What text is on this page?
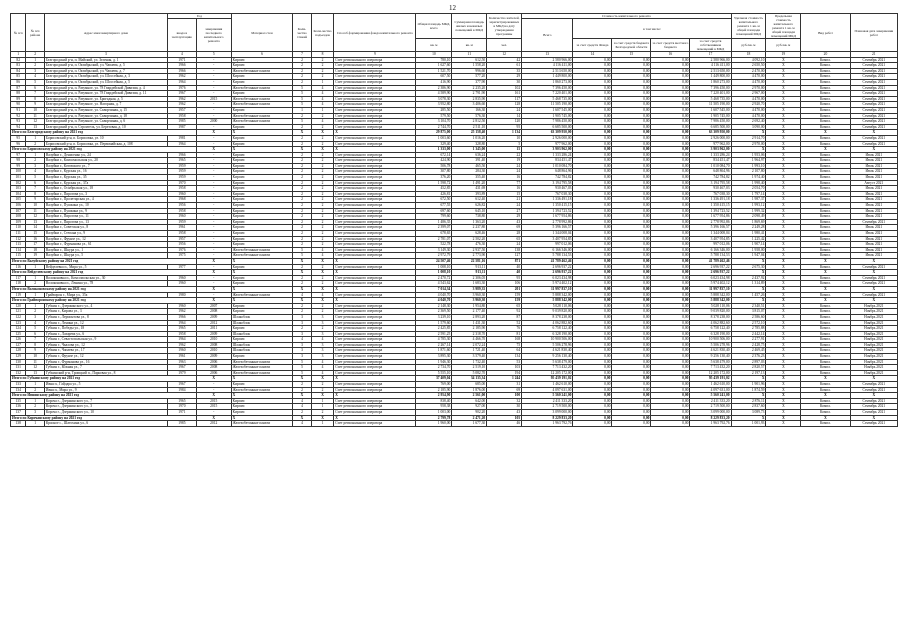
12
№ п/п	№ п/п района	Адрес многоквартирного дома	Год		Материал стен	Коли-чество этажей	Коли-чество подъездов	Способ формирования фонда капитального ремонта	Общая площадь МКД, всего	Суммарная площадь жилых и нежилых помещений в МКД	Количество жителей, зарегистрированных в МКД на дату утверждения программы	Стоимость капитального ремонта					Удельная стоимость капитального ремонта 1 кв. м общей площади помещений МКД	Предельная стоимость капитального ремонта 1 кв. м общей площади помещений МКД	Вид работ	Плановая дата завершения работ
			ввода в эксплуатацию	завершения последнего капитального ремонта								Всего	в том числе:							
									кв. м	кв. м	чел.		за счет средств Фонда	за счет средств бюджета Белгородской области	за счет средств местного бюджета	за счет средств собственников помещений в МКД	руб./кв. м	руб./кв. м		
1	2	3	4	5	6	7	8	9	10	11	12	13	14	15	16	17	18	19	20	21
82	1	Белгородский р-н, п. Майский, ул. Зеленая, д. 1	1971	-	Кирпич	2	2	Счет регионального оператора	780,10	612,50	42	2 580 966,00	0,00	0,00	0,00	2 580 966,00	4 092,10	X	Компл.	Сентябрь 2021
83	2	Белгородский р-н, п. Октябрьский, ул. Чапаева, д. 5	1966	-	Кирпич	2	2	Счет регионального оператора	1 627,60	1 558,20	61	4 116 411,00	0,00	0,00	0,00	4 116 411,00	2 650,50	X	Компл.	Сентябрь 2021
84	3	Белгородский р-н, п. Октябрьский, ул. Чапаева, д. 7	1966	-	Железобетонные панели	2	2	Счет регионального оператора	1 521,70	996,60	35	2 513 650,00	0,00	0,00	0,00	2 513 650,00	2 470,00	X	Компл.	Сентябрь 2021
85	4	Белгородский р-н, п. Октябрьский, ул. Шоссейная, д. 3	1962	-	Кирпич	2	2	Счет регионального оператора	607,50	577,20	29	1 449 800,00	0,00	0,00	0,00	1 449 800,00	4 470,00	X	Компл.	Сентябрь 2021
86	5	Белгородский р-н, п. Октябрьский, ул. Шоссейная, д. 5	1964	-	Кирпич	2	1	Счет регионального оператора	416,90	377,90	30	1 860 273,00	0,00	0,00	0,00	1 860 273,00	4 470,00	X	Компл.	Сентябрь 2021
87	6	Белгородский р-н, п. Разумное, ул. 78 Гвардейской Дивизии, д. 4	1976	-	Железобетонные панели	5	4	Счет регионального оператора	2 386,90	2 235,20	102	7 396 450,00	0,00	0,00	0,00	7 396 450,00	2 970,00	X	Компл.	Сентябрь 2021
88	7	Белгородский р-н, п. Разумное, ул. 78 Гвардейской Дивизии, д. 11	1967	-	Кирпич	5	4	Счет регионального оператора	4 589,90	2 791,90	161	7 220 401,00	0,00	0,00	0,00	7 220 401,00	2 967,00	X	Компл.	Сентябрь 2021
89	8	Белгородский р-н, п. Разумное, ул. Бригадная, д. 5	1962	2015	Железобетонные панели	5	4	Счет регионального оператора	3 078,30	2 835,90	117	5 468 735,00	0,00	0,00	0,00	5 468 735,00	4 470,00	X	Компл.	Сентябрь 2021
90	9	Белгородский р-н, п. Разумное, ул. Нагорная, д. 7	1962	-	Железобетонные панели	5	4	Счет регионального оператора	3 952,80	3 406,60	128	11 505 190,00	0,00	0,00	0,00	11 505 190,00	2 920,70	X	Компл.	Сентябрь 2021
91	10	Белгородский р-н, п. Разумное, ул. Скворчиная, д. 15	1957	-	Кирпич	1	1	Счет регионального оператора	285,50	166,30	24	1 607 545,00	0,00	0,00	0,00	1 607 545,00	4 470,00	X	Компл.	Сентябрь 2021
92	11	Белгородский р-н, п. Разумное, ул. Скворчиная, д. 18	1958	-	Железобетонные панели	2	2	Счет регионального оператора	579,50	576,30	14	1 905 745,00	0,00	0,00	0,00	1 905 745,00	4 470,00	X	Компл.	Сентябрь 2021
93	12	Белгородский р-н, п. Разумное, ул. Скворчиная, д. 6	1985	2000	Железобетонные панели	5	4	Счет регионального оператора	3 104,70	2 812,50	120	7 986 450,00	0,00	0,00	0,00	7 986 450,00	2 692,40	X	Компл.	Сентябрь 2021
94	13	Белгородский р-н, п. Строитель, ул. Березовая, д. 10	1987	-	Кирпич	2	2	Счет регионального оператора	2 744,70	2 511,10	95	6 685 500,00	0,00	0,00	0,00	6 685 500,00	3 090,00	X	Компл.	Сентябрь 2021
Итого по Белгородскому району на 2021 год				X	X	X	X	X	29 875,00	25 158,40	1 134	63 309 950,00	0,00	0,00	0,00	63 309 950,00	X	X	X	X
95	1	Борисовский р-н, п. Борисовка, ул. 10	1981	-	Кирпич	2	2	Счет регионального оператора	1 003,60	1 016,20	10	2 926 000,00	0,00	0,00	0,00	2 926 000,00	2 914,70	X	Компл.	Сентябрь 2021
96	2	Борисовский р-н, п. Борисовка, ул. Первомайская, д. 108	1964	-	Кирпич	2	2	Счет регионального оператора	329,40	328,80	5	977 962,00	0,00	0,00	0,00	977 962,00	2 970,00	X	Компл.	Сентябрь 2021
Итого по Борисовскому району на 2021 год				X	X	X	X	X	1 333,00	1 345,00	15	3 903 962,00	0,00	0,00	0,00	3 903 962,00	X	X	X	X
97	1	Валуйки г., Денисенко ул., 24	1966	-	Кирпич	2	2	Счет регионального оператора	672,14	636,24	22	1 333 286,24	0,00	0,00	0,00	1 333 286,24	1 953,06	X	Компл.	Июль 2021
98	2	Валуйки г., Комсомольская ул., 20	1965	-	Кирпич	2	2	Счет регионального оператора	424,90	391,40	19	834 451,47	0,00	0,00	0,00	834 451,47	1 964,97	X	Компл.	Июль 2021
99	3	Валуйки г., Котовского ул., 7	1959	-	Кирпич	2	2	Счет регионального оператора	506,78	465,50	24	1 010 084,70	0,00	0,00	0,00	1 010 084,70	1 993,10	X	Компл.	Июль 2021
100	4	Валуйки г., Курская ул., 16	1959	-	Кирпич	2	2	Счет регионального оператора	307,80	284,30	24	648 864,96	0,00	0,00	0,00	648 864,96	2 107,80	X	Компл.	Июль 2021
101	5	Валуйки г., Курская ул., 35	1959	-	Кирпич	2	2	Счет регионального оператора	376,20	355,40	16	742 784,82	0,00	0,00	0,00	742 784,82	1 974,40	X	Компл.	Июль 2021
102	6	Валуйки г., Курская ул., 37а	1970	-	Кирпич	2	2	Счет регионального оператора	1 598,72	1 491,20	77	3 194 795,58	0,00	0,00	0,00	3 194 795,58	1 998,40	X	Компл.	Август 2021
103	7	Валуйки г., Octябрьская ул., 18	1958	-	Кирпич	2	2	Счет регионального оператора	452,85	431,69	16	930 467,03	0,00	0,00	0,00	930 467,03	2 054,70	X	Компл.	Июль 2021
104	8	Валуйки г., Пирогова ул., 3	1960	-	Кирпич	2	2	Счет регионального оператора	426,81	393,89	15	767 038,30	0,00	0,00	0,00	767 038,30	1 797,14	X	Компл.	Июль 2021
105	9	Валуйки г., Пролетарская ул., 4	1968	-	Кирпич	2	2	Счет регионального оператора	672,50	612,40	21	1 336 491,18	0,00	0,00	0,00	1 336 491,18	1 987,37	X	Компл.	Июль 2021
106	10	Валуйки г., Пушкина ул., 10	1956	-	Кирпич	2	2	Счет регионального оператора	677,55	626,82	24	1 350 415,15	0,00	0,00	0,00	1 350 415,15	1 993,12	X	Компл.	Июль 2021
107	11	Валуйки г., Пушкина ул., 9	1958	-	Кирпич	2	2	Счет регионального оператора	697,60	645,10	27	1 394 723,52	0,00	0,00	0,00	1 394 723,52	1 999,32	X	Компл.	Июль 2021
108	12	Валуйки г., Пирогова ул., 11	1960	-	Кирпич	2	2	Счет регионального оператора	799,60	738,80	29	1 677 954,86	0,00	0,00	0,00	1 677 954,86	2 098,49	X	Компл.	Июль 2021
109	13	Валуйки г., Пирогова ул., 13	1959	-	Кирпич	2	2	Счет регионального оператора	1 486,35	1 363,20	43	2 778 992,86	0,00	0,00	0,00	2 778 992,86	1 869,69	X	Компл.	Сентябрь 2021
110	14	Валуйки г., Советская ул., 8	1961	-	Кирпич	2	2	Счет регионального оператора	2 399,07	2 237,80	69	5 396 166,57	0,00	0,00	0,00	5 396 166,57	2 249,28	X	Компл.	Июль 2021
111	15	Валуйки г., Степана ул., 9	1958	-	Кирпич	2	2	Счет регионального оператора	678,65	628,46	28	1 344 008,04	0,00	0,00	0,00	1 344 008,04	1 980,41	X	Компл.	Июль 2021
112	16	Валуйки г., Фрунзе ул., 12	1957	-	Кирпич	2	2	Счет регионального оператора	2 781,07	2 502,20	65	3 407 954,85	0,00	0,00	0,00	3 407 954,85	1 225,42	X	Компл.	Июль 2021
113	17	Валуйки г., Фурманова ул., 61	1956	-	Кирпич	2	2	Счет регионального оператора	522,78	476,30	24	997 012,06	0,00	0,00	0,00	997 012,06	1 907,14	X	Компл.	Июль 2021
114	18	Валуйки г., Шкура ул., 1	1976	-	Железобетонные панели	5	4	Счет регионального оператора	3 149,30	2 937,50	138	6 166 346,00	0,00	0,00	0,00	6 166 346,00	1 958,00	X	Компл.	Июль 2021
115	19	Валуйки г., Шкура ул., 5	1975	-	Железобетонные панели	5	4	Счет регионального оператора	2 972,79	2 773,90	127	5 788 134,53	0,00	0,00	0,00	5 788 134,53	1 947,04	X	Компл.	Июль 2021
Итого по Валуйскому району на 2021 год				X	X	X	X	X	24 507,46	22 581,16	871	41 789 462,46	0,00	0,00	0,00	41 789 462,46	X	X	X	X
116	1	Вейделевка п., Мира ул., 5	1977	-	Кирпич	2	2	Счет регионального оператора	1 008,10	913,11	40	2 696 937,22	0,00	0,00	0,00	2 696 937,22	2 675,30	X	Компл.	Сентябрь 2021
Итого по Вейделевскому району на 2021 год				X	X	X	X	X	1 008,10	913,11	40	2 696 937,22	0,00	0,00	0,00	2 696 937,22	X	X	X	X
117	1	Волоконовка п., Комсомольская ул., 30	1960	-	Кирпич	2	2	Счет регионального оператора	2 470,72	2 306,05	95	6 023 434,98	0,00	0,00	0,00	6 023 434,98	2 437,92	X	Компл.	Сентябрь 2021
118	2	Волоконовка п., Ленина ул., 78	1960	-	Кирпич	2	2	Счет регионального оператора	4 543,62	1 683,30	106	5 974 402,12	0,00	0,00	0,00	5 974 402,12	1 314,89	X	Компл.	Сентябрь 2021
Итого по Волоконовскому району на 2021 год				X	X	X	X	X	7 014,34	3 989,35	201	11 997 837,10	0,00	0,00	0,00	11 997 837,10	X	X	X	X
119	1	Грайворон г., Мира ул., 35а	1980	-	Железобетонные панели	4	4	Счет регионального оператора	4 040,70	3 960,30	159	5 888 342,00	0,00	0,00	0,00	5 888 342,00	1 457,26	X	Компл.	Сентябрь 2021
Итого по Грайворонскому району на 2021 год				X	X	X	X	X	4 040,70	3 960,30	159	5 888 342,00	0,00	0,00	0,00	5 888 342,00	X	X	X	X
120	1	Губкин г., Дзержинского ул., 4	1960	2007	Кирпич	2	2	Счет регионального оператора	2 148,30	1 954,80	65	5 028 110,06	0,00	0,00	0,00	5 028 110,06	2 340,51	X	Компл.	Ноябрь 2021
121	2	Губкин г., Кирова ул., 3	1962	2008	Кирпич	2	2	Счет регионального оператора	2 369,50	2 177,40	92	9 039 820,00	0,00	0,00	0,00	9 039 820,00	3 815,07	X	Компл.	Ноябрь 2021
122	3	Губкин г., Лермонтова ул., 8	1966	2009	Шлакоблок	3	3	Счет регионального оператора	3 239,10	2 893,20	87	8 378 238,00	0,00	0,00	0,00	8 378 238,00	2 586,60	X	Компл.	Ноябрь 2021
123	4	Губкин г., Ленина ул., 12	1964	2012	Шлакоблок	3	3	Счет регионального оператора	1 579,60	1 431,30	52	4 062 882,60	0,00	0,00	0,00	4 062 882,60	2 572,10	X	Компл.	Ноябрь 2021
124	5	Губкин г., Победы ул., 18	1965	2011	Кирпич	2	2	Счет регионального оператора	2 425,85	2 185,90	76	6 758 122,40	0,00	0,00	0,00	6 758 122,40	2 785,88	X	Компл.	Ноябрь 2021
125	6	Губкин г., Лазарева ул., 6	1958	2009	Шлакоблок	3	3	Счет регионального оператора	2 591,25	2 318,70	81	6 328 190,00	0,00	0,00	0,00	6 328 190,00	2 442,14	X	Компл.	Ноябрь 2021
126	7	Губкин г., Севастопольская ул., 9	1964	2010	Кирпич	4	4	Счет регионального оператора	4 785,30	4 466,70	168	10 900 506,00	0,00	0,00	0,00	10 900 506,00	2 277,91	X	Компл.	Ноябрь 2021
127	8	Губкин г., Чкалова ул., 12	1962	2008	Шлакоблок	3	3	Счет регионального оператора	2 267,14	2 072,24	75	5 506 278,96	0,00	0,00	0,00	5 506 278,96	2 428,75	X	Компл.	Ноябрь 2021
128	9	Губкин г., Чапаева ул., 17	1960	2010	Шлакоблок	3	3	Счет регионального оператора	1 871,60	1 721,40	64	4 621 830,40	0,00	0,00	0,00	4 621 830,40	2 469,45	X	Компл.	Ноябрь 2021
129	10	Губкин г., Фрунзе ул., 12	1961	2009	Кирпич	3	3	Счет регионального оператора	3 895,30	3 579,40	134	9 256 130,40	0,00	0,00	0,00	9 256 130,40	2 376,23	X	Компл.	Ноябрь 2021
130	11	Губкин г., Фурманова ул., 16	1963	2006	Железобетонные панели	5	4	Счет регионального оператора	1 946,30	1 732,40	53	5 638 479,00	0,00	0,00	0,00	5 638 479,00	2 897,03	X	Компл.	Ноябрь 2021
131	12	Губкин г., Южная ул., 7	1967	2008	Железобетонные панели	5	4	Счет регионального оператора	2 734,70	2 519,10	103	7 713 432,20	0,00	0,00	0,00	7 713 432,20	2 820,57	X	Компл.	Ноябрь 2021
132	13	Губкинский р-н, Троицкий п., Парковая ул., 8	1979	2006	Железобетонные панели	5	4	Счет регионального оператора	5 555,10	5 082,70	194	12 205 172,00	0,00	0,00	0,00	12 205 172,00	2 197,13	X	Компл.	Ноябрь 2021
Итого по Губкинскому району на 2021 год				X	X	X	X	X	37 409,04	34 135,34	1 244	95 439 191,02	0,00	0,00	0,00	95 439 191,02	X	X	X	X
133	1	Ивня п., Гайдара ул., 5	1967	-	Кирпич	2	2	Счет регионального оператора	769,00	685,00	31	1 462 610,00	0,00	0,00	0,00	1 462 610,00	1 901,96	X	Компл.	Сентябрь 2021
134	2	Ивня п., Мира ул., 9	1984	-	Железобетонные панели	2	2	Счет регионального оператора	2 185,90	1 876,00	69	4 097 631,00	0,00	0,00	0,00	4 097 631,00	1 874,59	X	Компл.	Сентябрь 2021
Итого по Ивнянскому району на 2021 год				X	X	X	X	X	2 954,90	2 561,00	100	5 560 241,00	0,00	0,00	0,00	5 560 241,00	X	X	X	X
135	1	Короча г., Дзержинского ул., 7	1965	2015	Кирпич	4	1	Счет регионального оператора	838,40	642,00	32	2 411 333,20	0,00	0,00	0,00	2 411 333,20	2 876,11	X	Компл.	Сентябрь 2021
136	2	Короча г., Дзержинского ул., 3	1970	2015	Кирпич	4	1	Счет регионального оператора	958,38	927,00	30	2 719 500,00	0,00	0,00	0,00	2 719 500,00	2 837,60	X	Компл.	Сентябрь 2021
137	3	Короча г., Дзержинского ул., 10	1971	-	Кирпич	2	2	Счет регионального оператора	1 003,00	902,20	43	3 099 000,00	0,00	0,00	0,00	3 099 000,00	3 089,73	X	Компл.	Сентябрь 2021
Итого по Корочанскому району на 2021 год				X	X	X	X	X	2 799,78	2 471,20	105	8 229 833,20	0,00	0,00	0,00	8 229 833,20	X	X	X	X
138	1	Красное с., Шатохина ул., 6	1985	2012	Железобетонные панели	4	1	Счет регионального оператора	1 960,00	1 677,30	46	1 963 792,76	0,00	0,00	0,00	1 963 792,76	1 001,93	X	Компл.	Сентябрь 2021
